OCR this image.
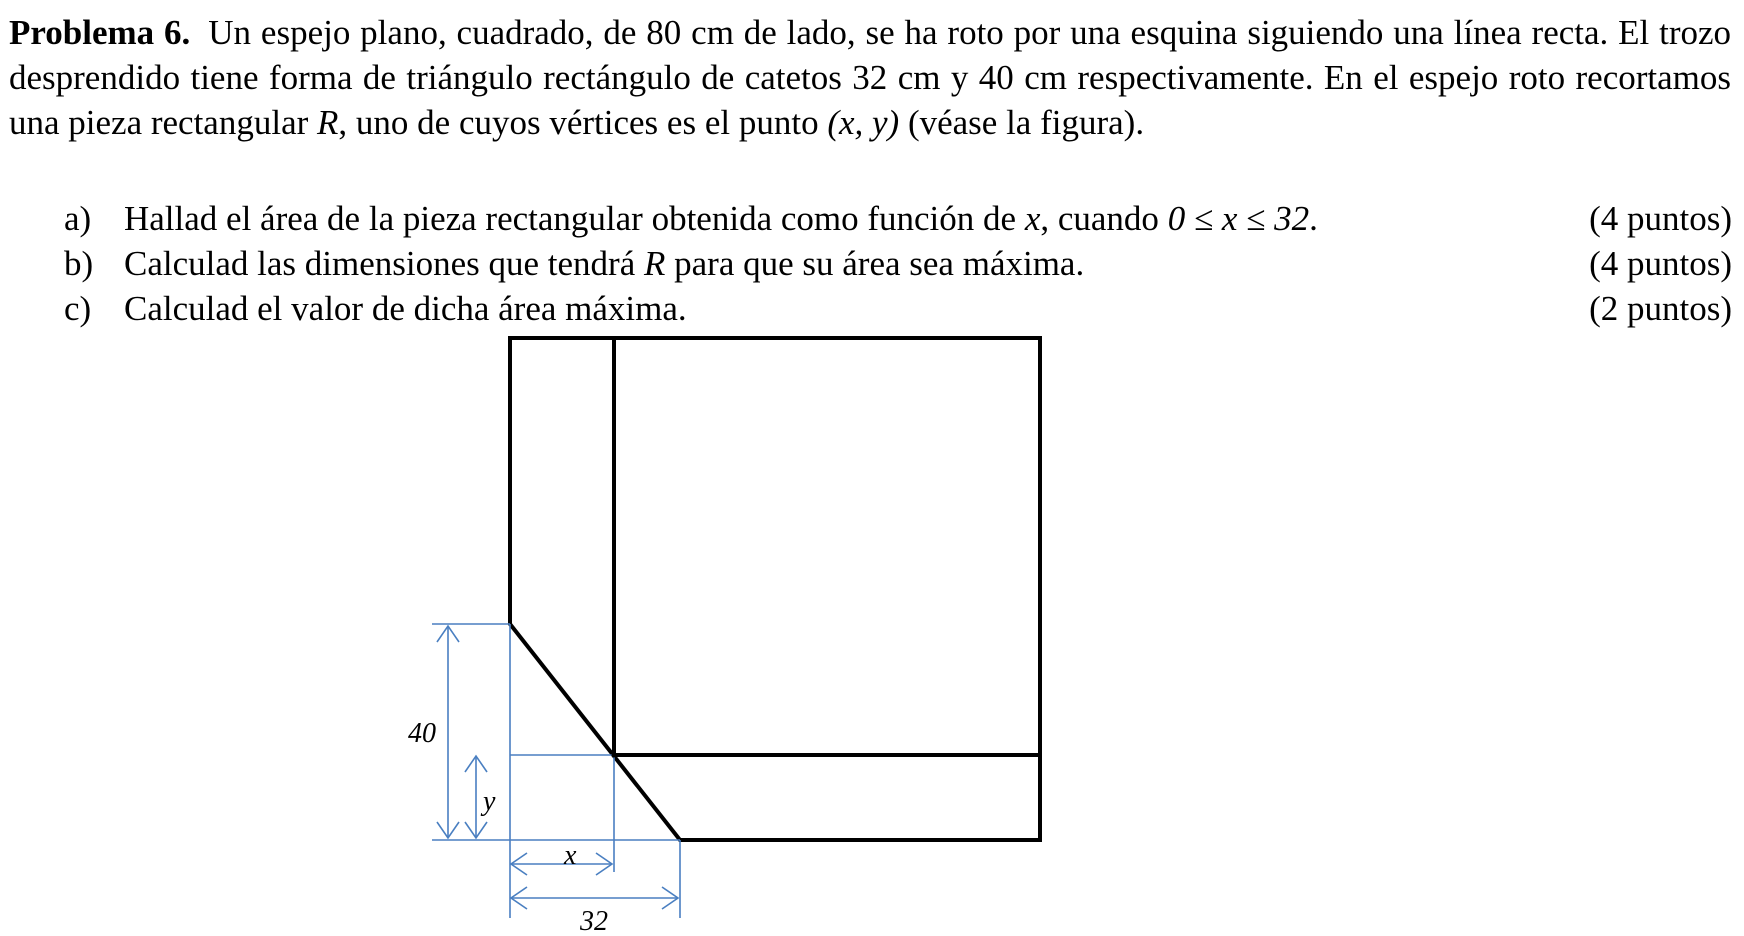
Problema 6. Un espejo plano, cuadrado, de 80 cm de lado, se ha roto por una esquina siguiendo una línea recta. El trozo desprendido tiene forma de triángulo rectángulo de catetos 32 cm y 40 cm respectivamente. En el espejo roto recortamos una pieza rectangular R, uno de cuyos vértices es el punto (x, y) (véase la figura).
a) Hallad el área de la pieza rectangular obtenida como función de x, cuando 0 ≤ x ≤ 32.	(4 puntos)
b) Calculad las dimensiones que tendrá R para que su área sea máxima.	(4 puntos)
c) Calculad el valor de dicha área máxima.	(2 puntos)
40
y
x
32
